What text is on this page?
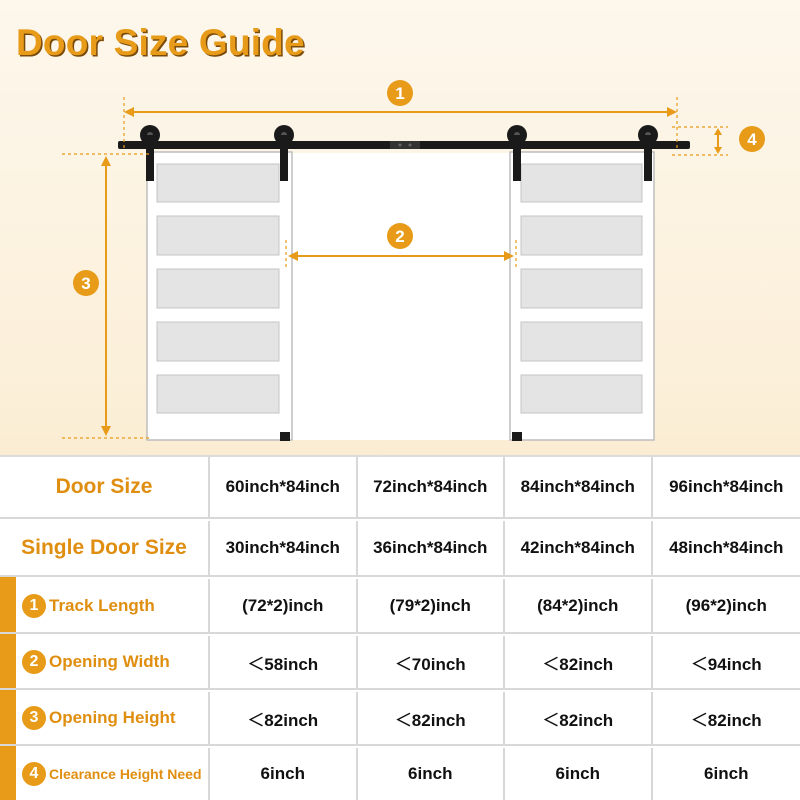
Door Size Guide
1
2
3
4
Door Size	60inch*84inch	72inch*84inch	84inch*84inch	96inch*84inch
Single Door Size	30inch*84inch	36inch*84inch	42inch*84inch	48inch*84inch
1 Track Length	(72*2)inch	(79*2)inch	(84*2)inch	(96*2)inch
2 Opening Width	＜58inch	＜70inch	＜82inch	＜94inch
3 Opening Height	＜82inch	＜82inch	＜82inch	＜82inch
4 Clearance Height Need	6inch	6inch	6inch	6inch
